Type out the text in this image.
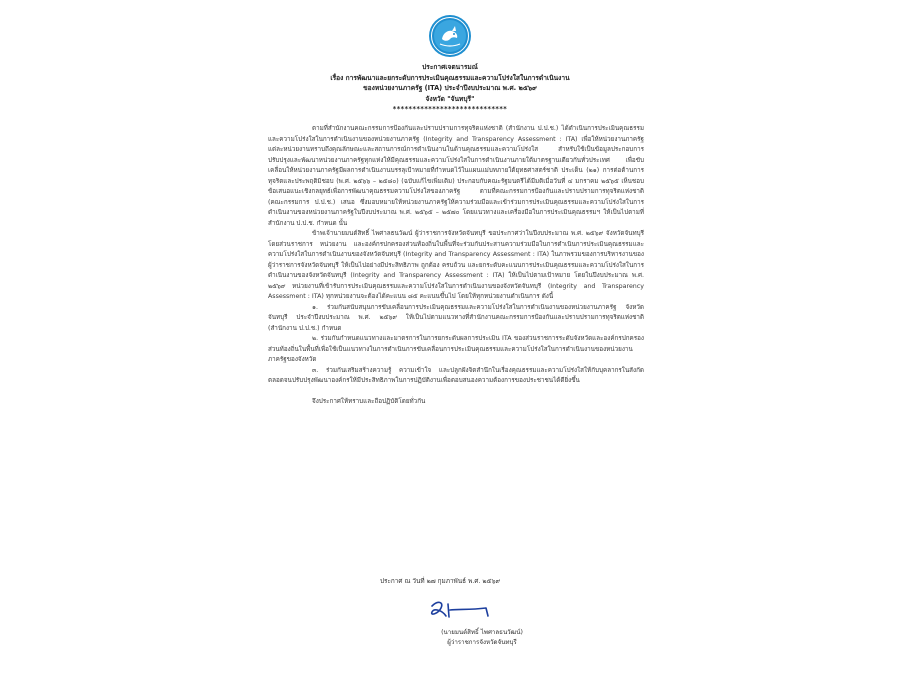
ประกาศเจตนารมณ์
เรื่อง การพัฒนาและยกระดับการประเมินคุณธรรมและความโปร่งใสในการดำเนินงาน
ของหน่วยงานภาครัฐ (ITA) ประจำปีงบประมาณ พ.ศ. ๒๕๖๙
จังหวัด "จันทบุรี"
*****************************

ตามที่สำนักงานคณะกรรมการป้องกันและปราบปรามการทุจริตแห่งชาติ (สำนักงาน ป.ป.ช.) ได้ดำเนินการประเมินคุณธรรมและความโปร่งใสในการดำเนินงานของหน่วยงานภาครัฐ (Integrity and Transparency Assessment : ITA) เพื่อให้หน่วยงานภาครัฐแต่ละหน่วยงานทราบถึงคุณลักษณะและสถานการณ์การดำเนินงานในด้านคุณธรรมและความโปร่งใส สำหรับใช้เป็นข้อมูลประกอบการปรับปรุงและพัฒนาหน่วยงานภาครัฐทุกแห่งให้มีคุณธรรมและความโปร่งใสในการดำเนินงานภายใต้มาตรฐานเดียวกันทั่วประเทศ เพื่อขับเคลื่อนให้หน่วยงานภาครัฐมีผลการดำเนินงานบรรลุเป้าหมายที่กำหนดไว้ในแผนแม่บทภายใต้ยุทธศาสตร์ชาติ ประเด็น (๒๑) การต่อต้านการทุจริตและประพฤติมิชอบ (พ.ศ. ๒๕๖๖ – ๒๕๘๐) (ฉบับแก้ไขเพิ่มเติม) ประกอบกับคณะรัฐมนตรีได้มีมติเมื่อวันที่ ๔ มกราคม ๒๕๖๕ เห็นชอบข้อเสนอแนะเชิงกลยุทธ์เพื่อการพัฒนาคุณธรรมความโปร่งใสของภาครัฐ ตามที่คณะกรรมการป้องกันและปราบปรามการทุจริตแห่งชาติ (คณะกรรมการ ป.ป.ช.) เสนอ ซึ่งมอบหมายให้หน่วยงานภาครัฐให้ความร่วมมือและเข้าร่วมการประเมินคุณธรรมและความโปร่งใสในการดำเนินงานของหน่วยงานภาครัฐในปีงบประมาณ พ.ศ. ๒๕๖๕ – ๒๕๗๐ โดยแนวทางและเครื่องมือในการประเมินคุณธรรมฯ ให้เป็นไปตามที่สำนักงาน ป.ป.ช. กำหนด นั้น

ข้าพเจ้านายมนต์สิทธิ์ ไพศาลธนวัฒน์ ผู้ว่าราชการจังหวัดจันทบุรี ขอประกาศว่าในปีงบประมาณ พ.ศ. ๒๕๖๙ จังหวัดจันทบุรี โดยส่วนราชการ หน่วยงาน และองค์กรปกครองส่วนท้องถิ่นในพื้นที่จะร่วมกันประสานความร่วมมือในการดำเนินการประเมินคุณธรรมและความโปร่งใสในการดำเนินงานของจังหวัดจันทบุรี (Integrity and Transparency Assessment : ITA) ในภาพรวมของการบริหารงานของผู้ว่าราชการจังหวัดจันทบุรี ให้เป็นไปอย่างมีประสิทธิภาพ ถูกต้อง ครบถ้วน และยกระดับคะแนนการประเมินคุณธรรมและความโปร่งใสในการดำเนินงานของจังหวัดจันทบุรี (Integrity and Transparency Assessment : ITA) ให้เป็นไปตามเป้าหมาย โดยในปีงบประมาณ พ.ศ. ๒๕๖๙ หน่วยงานที่เข้ารับการประเมินคุณธรรมและความโปร่งใสในการดำเนินงานของจังหวัดจันทบุรี (Integrity and Transparency Assessment : ITA) ทุกหน่วยงานจะต้องได้คะแนน ๘๕ คะแนนขึ้นไป โดยให้ทุกหน่วยงานดำเนินการ ดังนี้

๑. ร่วมกันสนับสนุนการขับเคลื่อนการประเมินคุณธรรมและความโปร่งใสในการดำเนินงานของหน่วยงานภาครัฐ จังหวัดจันทบุรี ประจำปีงบประมาณ พ.ศ. ๒๕๖๙ ให้เป็นไปตามแนวทางที่สำนักงานคณะกรรมการป้องกันและปราบปรามการทุจริตแห่งชาติ (สำนักงาน ป.ป.ช.) กำหนด

๒. ร่วมกันกำหนดแนวทางและมาตรการในการยกระดับผลการประเมิน ITA ของส่วนราชการระดับจังหวัดและองค์กรปกครองส่วนท้องถิ่นในพื้นที่เพื่อใช้เป็นแนวทางในการดำเนินการขับเคลื่อนการประเมินคุณธรรมและความโปร่งใสในการดำเนินงานของหน่วยงานภาครัฐของจังหวัด

๓. ร่วมกันเสริมสร้างความรู้ ความเข้าใจ และปลูกฝังจิตสำนึกในเรื่องคุณธรรมและความโปร่งใสให้กับบุคลากรในสังกัด ตลอดจนปรับปรุงพัฒนาองค์กรให้มีประสิทธิภาพในการปฏิบัติงานเพื่อตอบสนองความต้องการของประชาชนได้ดียิ่งขึ้น

จึงประกาศให้ทราบและถือปฏิบัติโดยทั่วกัน

ประกาศ ณ วันที่ ๒๗ กุมภาพันธ์ พ.ศ. ๒๕๖๙
(นายมนต์สิทธิ์ ไพศาลธนวัฒน์)
ผู้ว่าราชการจังหวัดจันทบุรี
